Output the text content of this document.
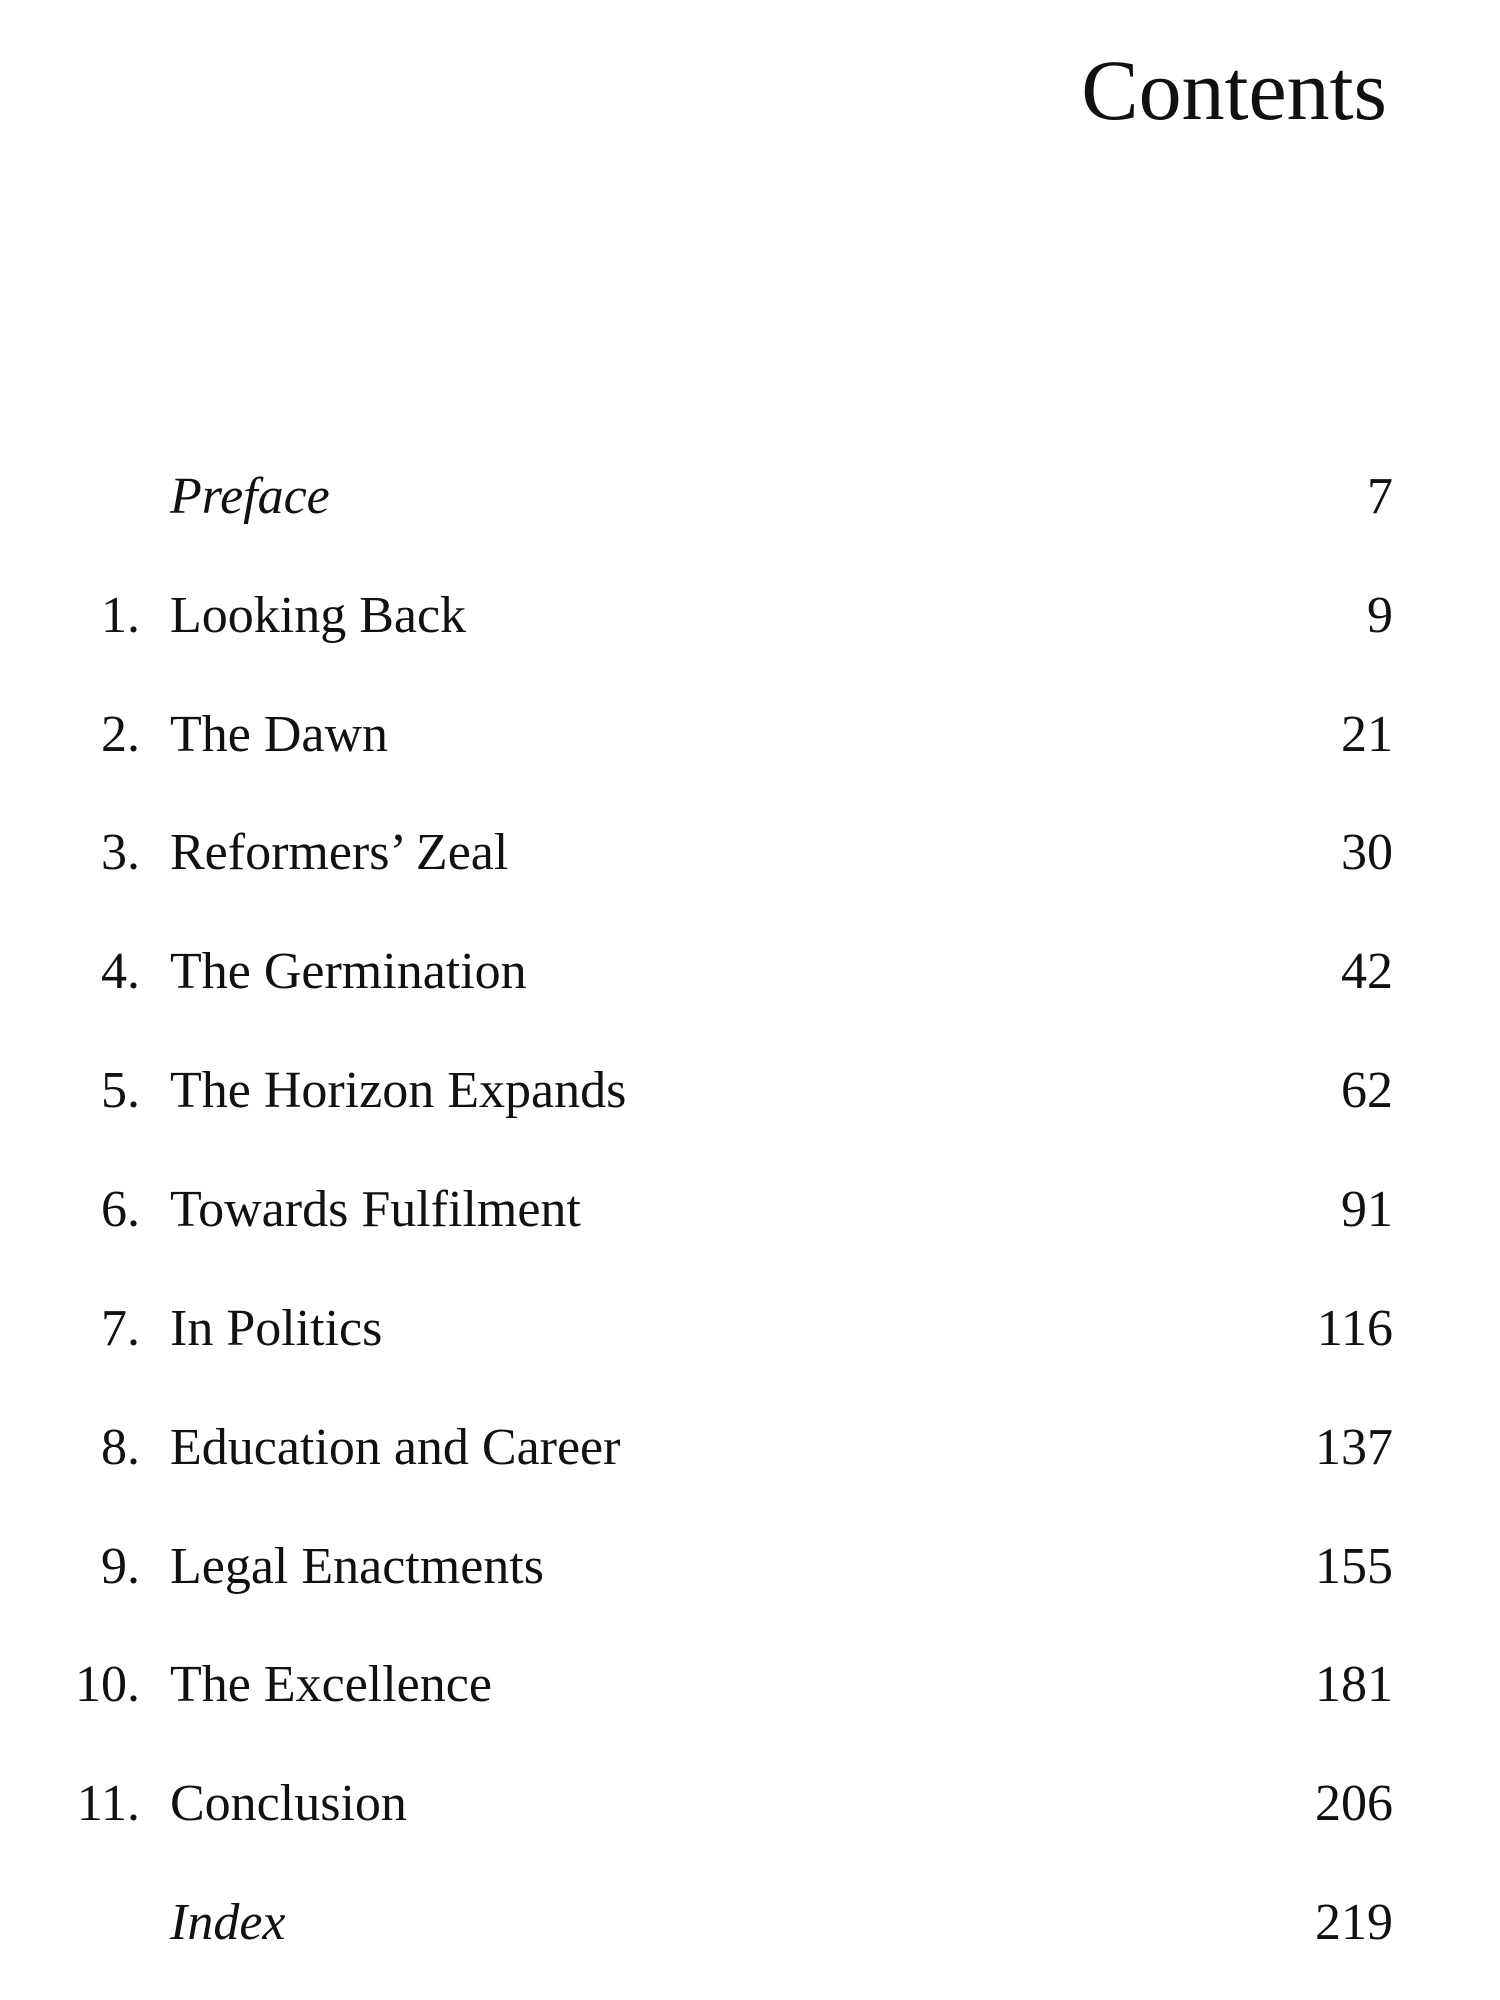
Contents
Preface	7
1. Looking Back	9
2. The Dawn	21
3. Reformers’ Zeal	30
4. The Germination	42
5. The Horizon Expands	62
6. Towards Fulfilment	91
7. In Politics	116
8. Education and Career	137
9. Legal Enactments	155
10. The Excellence	181
11. Conclusion	206
Index	219
